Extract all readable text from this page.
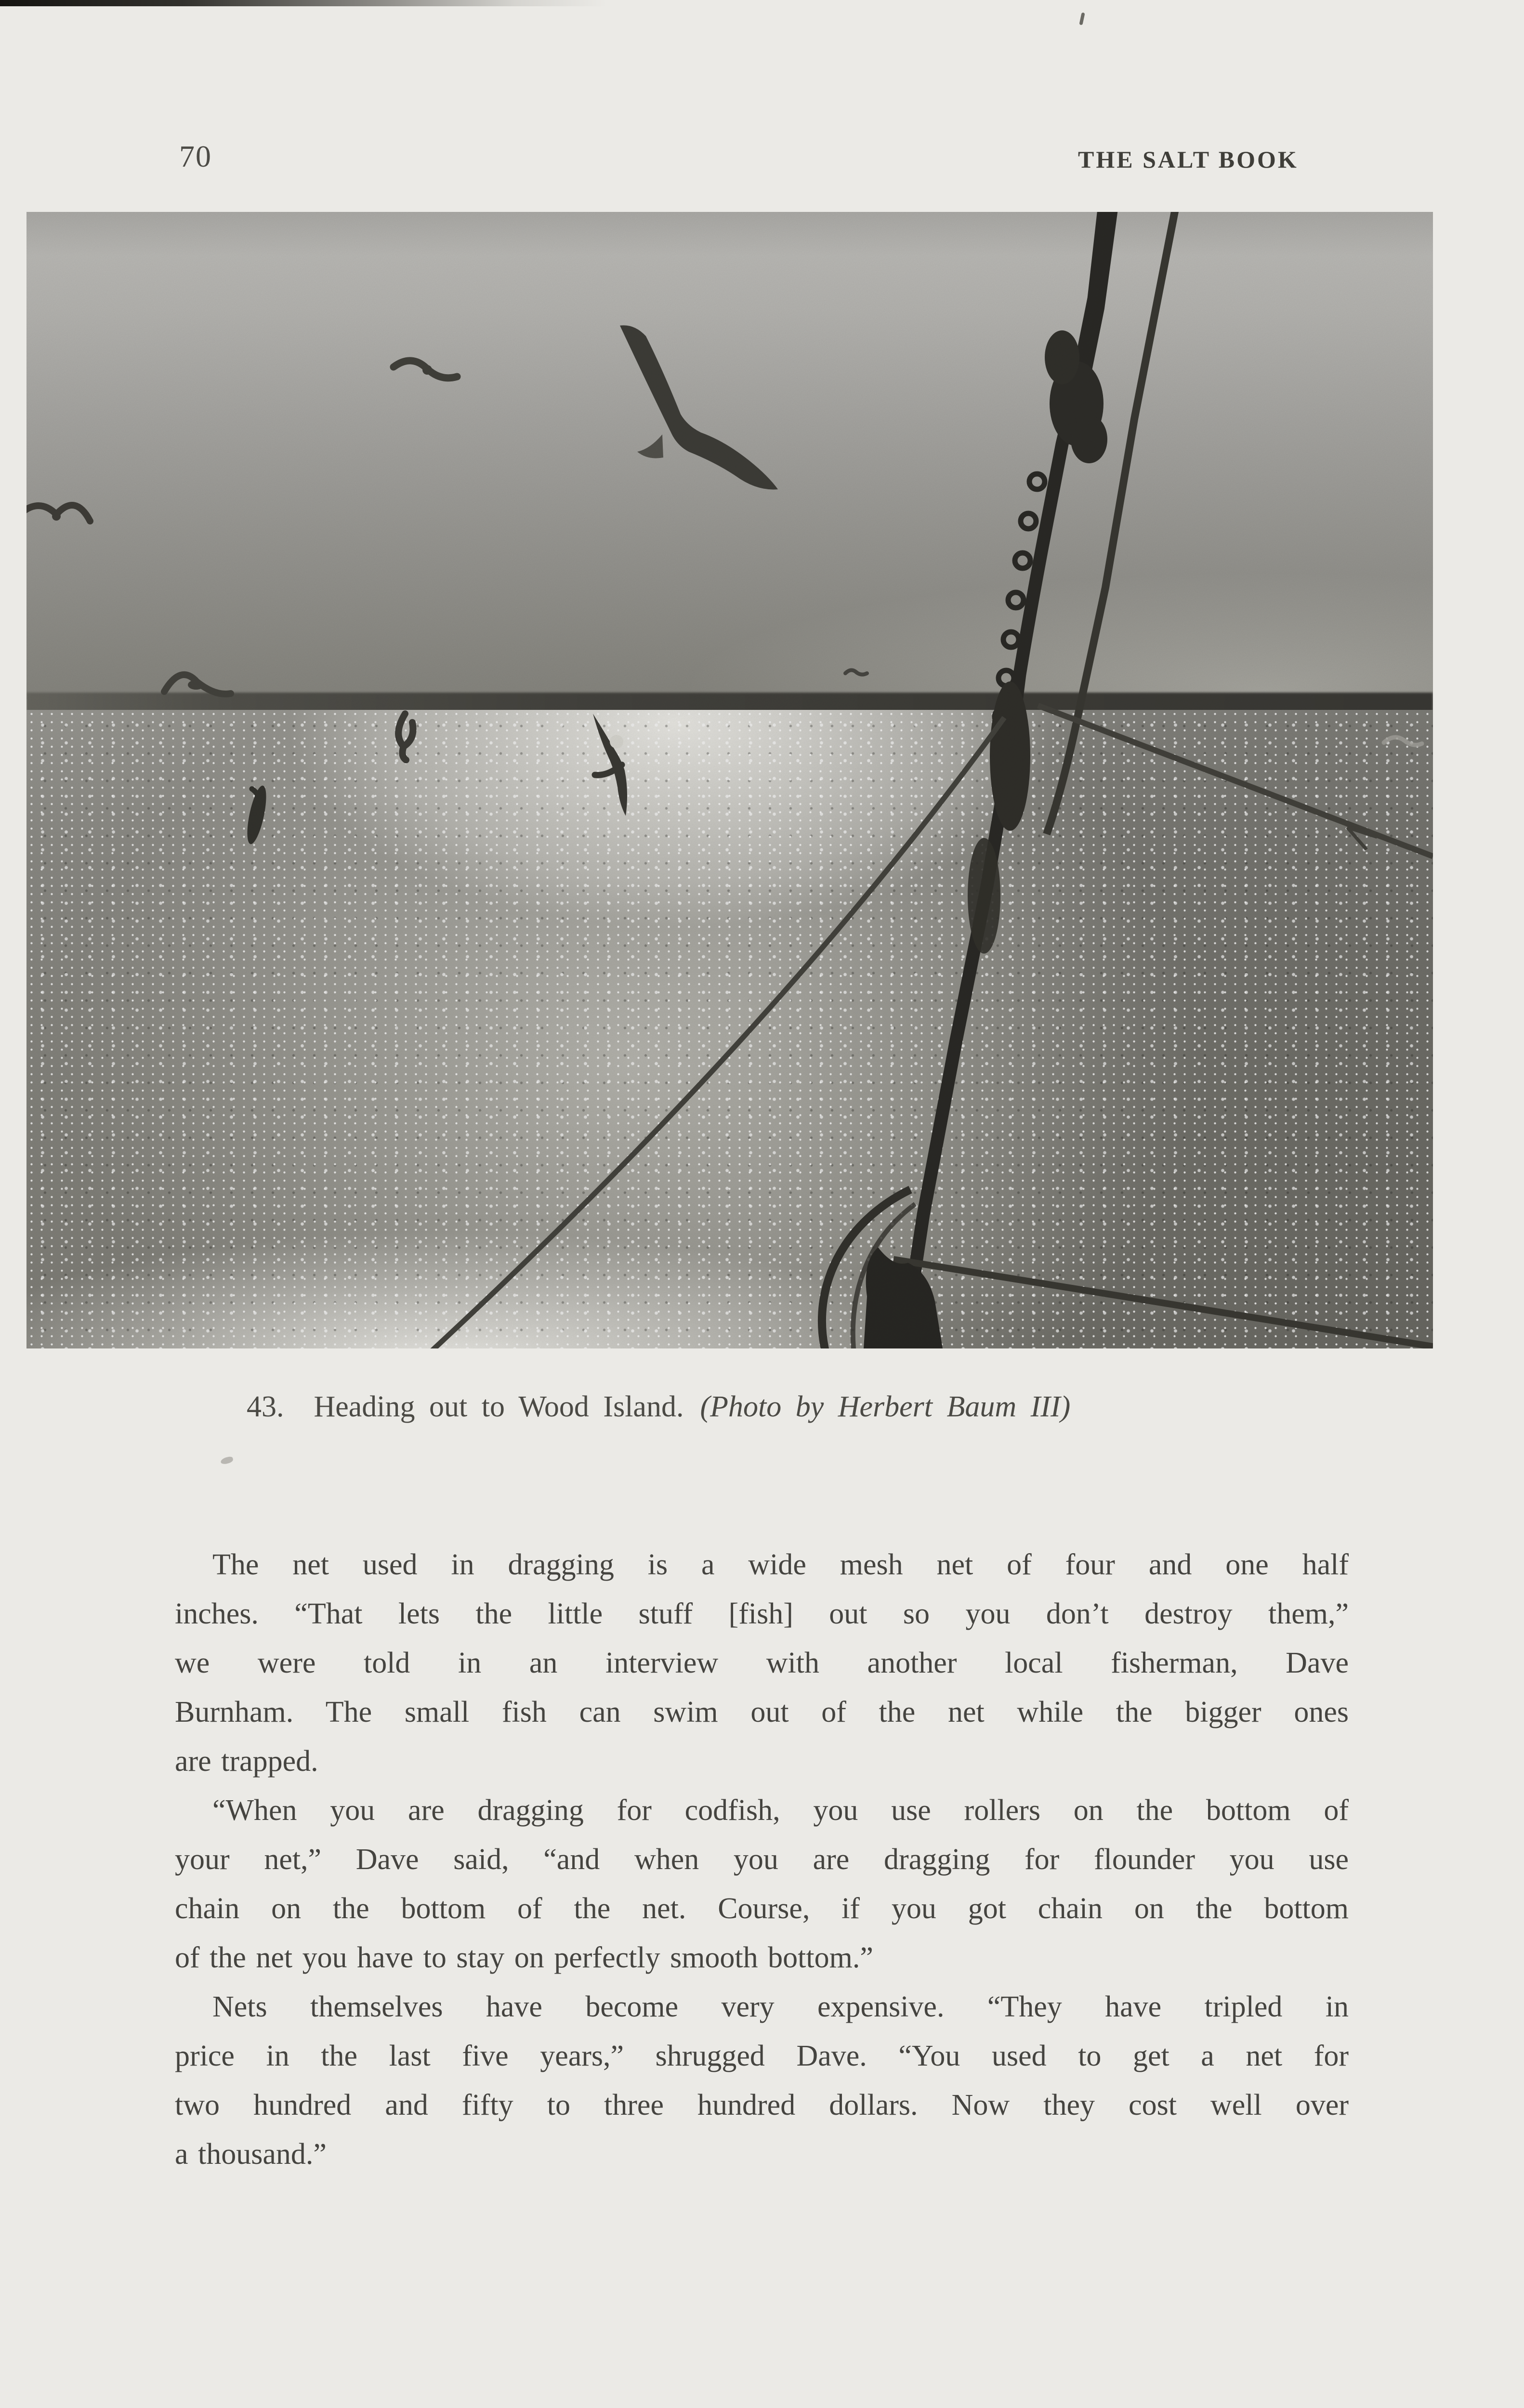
70	THE SALT BOOK
43. Heading out to Wood Island. (Photo by Herbert Baum III)
The net used in dragging is a wide mesh net of four and one half
inches. “That lets the little stuff [fish] out so you don’t destroy them,”
we were told in an interview with another local fisherman, Dave
Burnham. The small fish can swim out of the net while the bigger ones
are trapped.
“When you are dragging for codfish, you use rollers on the bottom of
your net,” Dave said, “and when you are dragging for flounder you use
chain on the bottom of the net. Course, if you got chain on the bottom
of the net you have to stay on perfectly smooth bottom.”
Nets themselves have become very expensive. “They have tripled in
price in the last five years,” shrugged Dave. “You used to get a net for
two hundred and fifty to three hundred dollars. Now they cost well over
a thousand.”
